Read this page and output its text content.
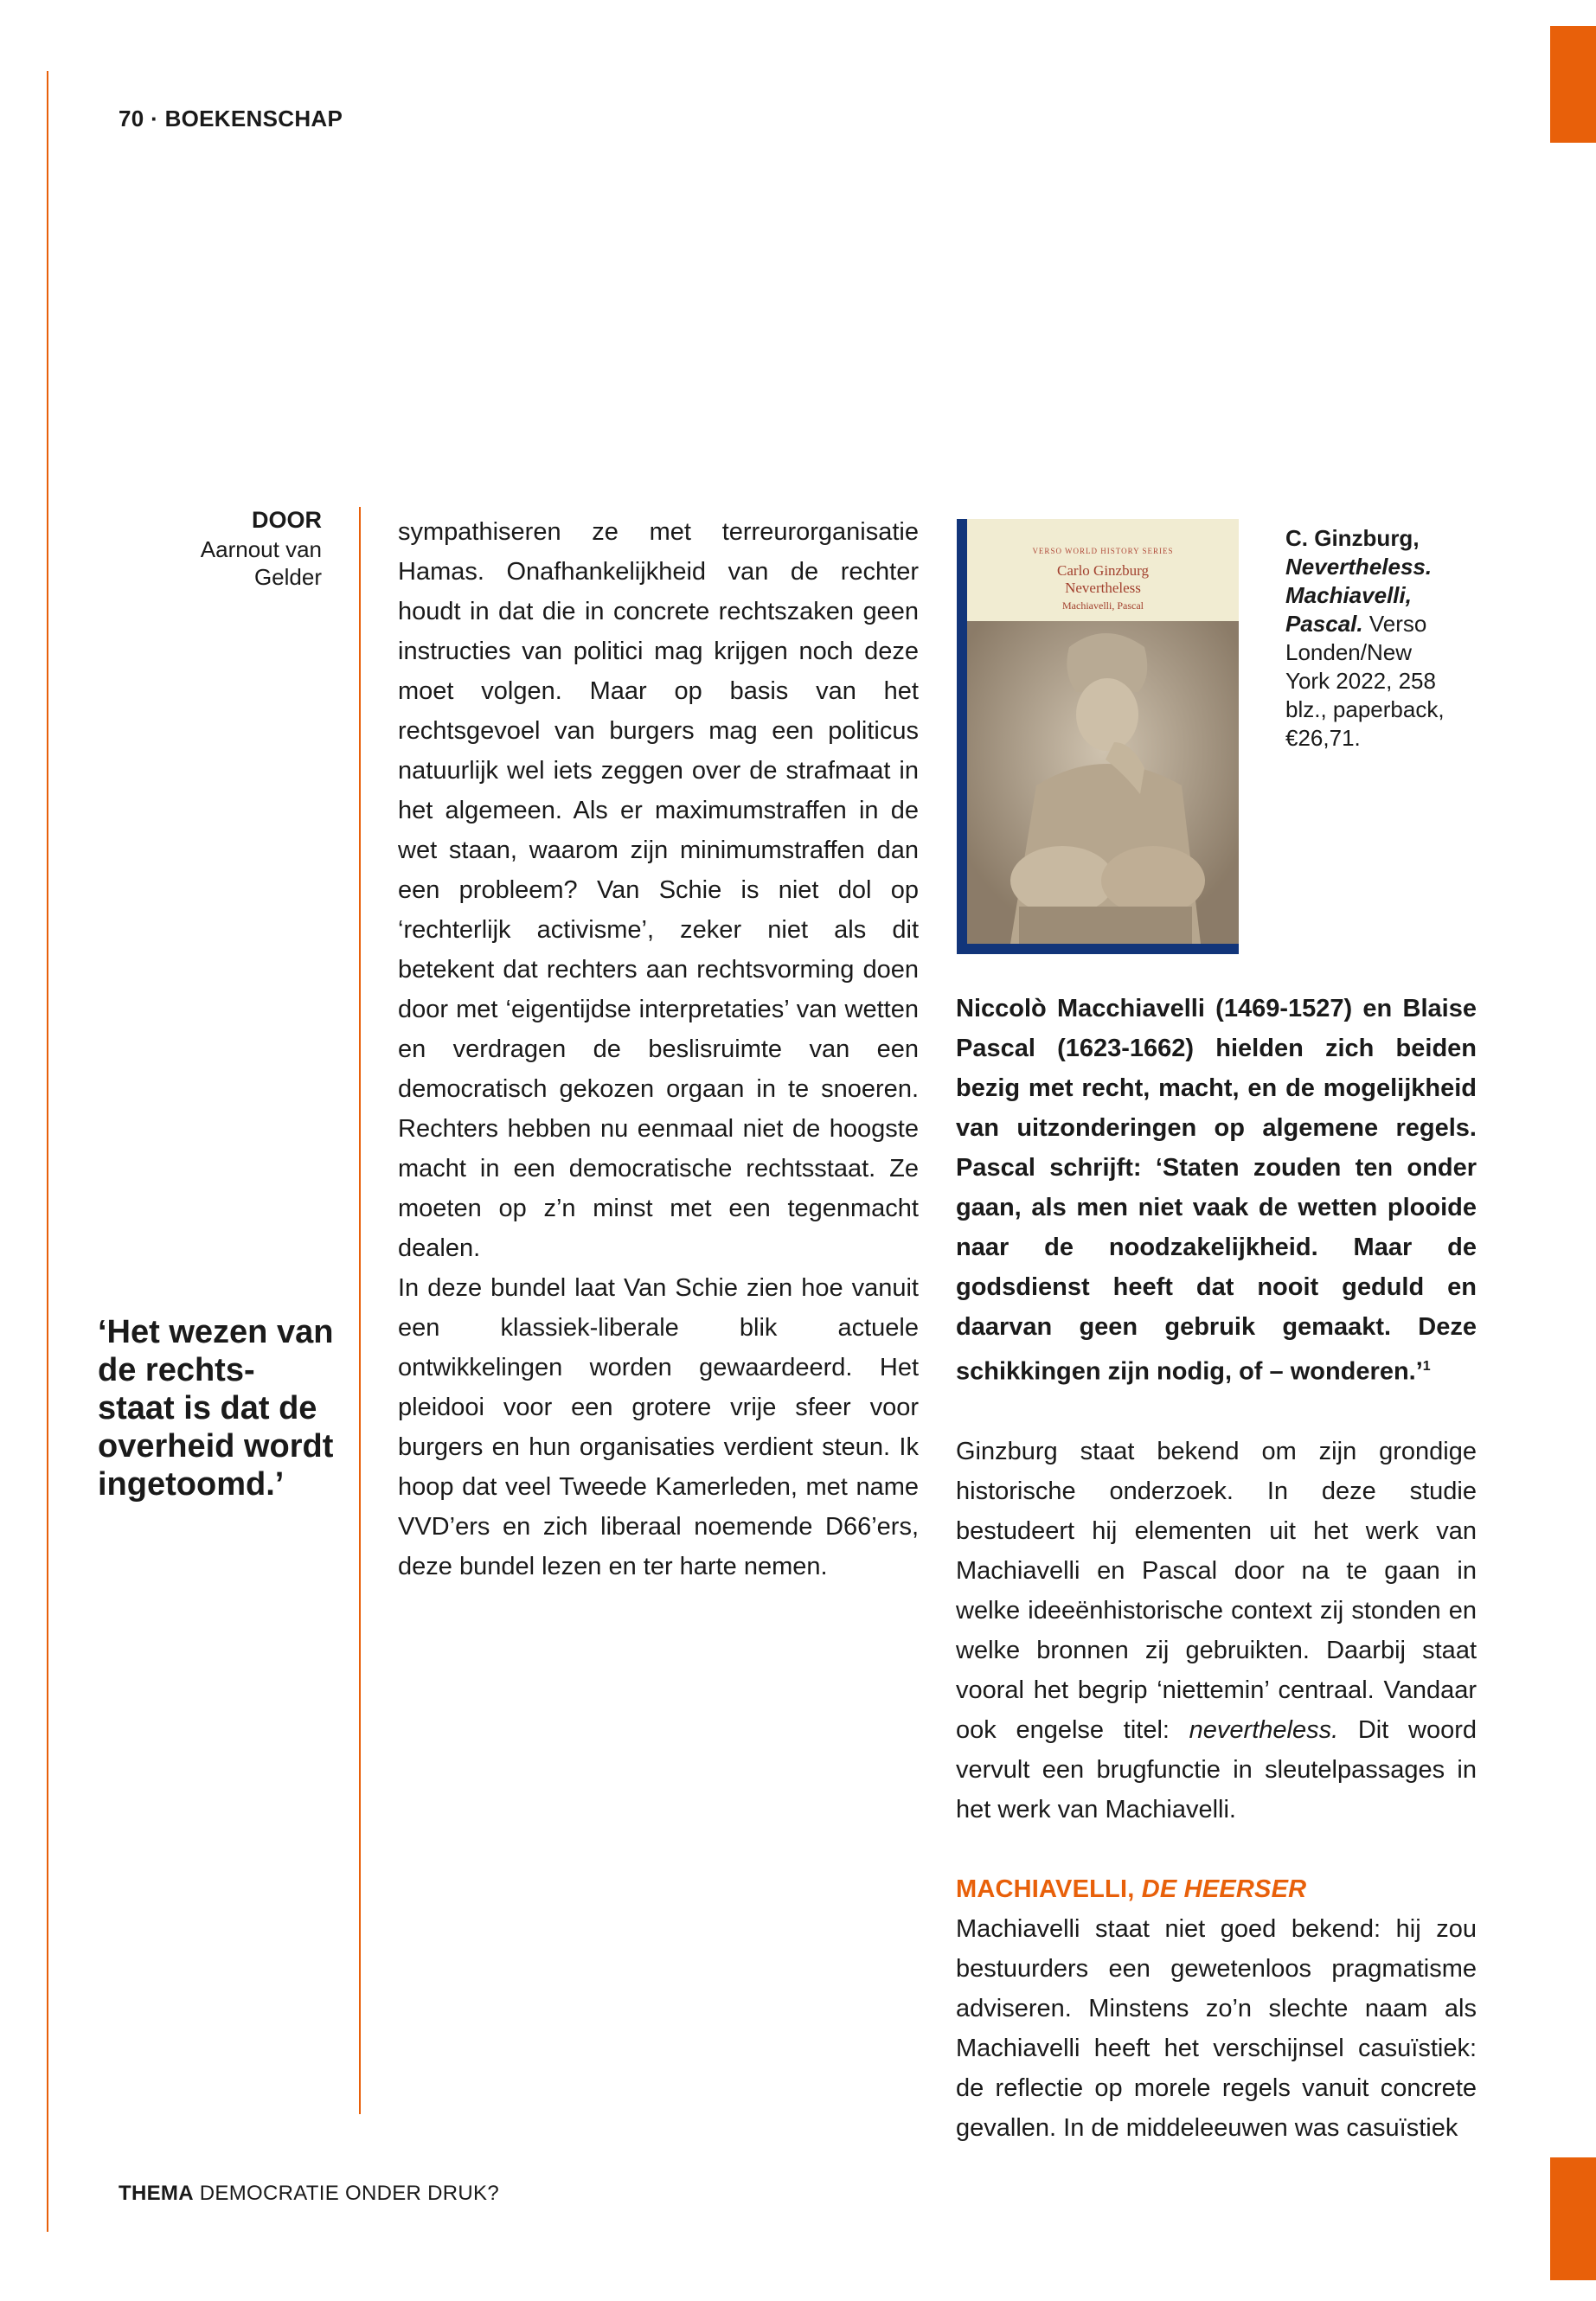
70 · BOEKENSCHAP
DOOR
Aarnout van
Gelder
‘Het wezen van
de rechts-
staat is dat de
overheid wordt
ingetoomd.’

sympathiseren ze met terreurorganisatie Hamas. Onafhankelijkheid van de rechter houdt in dat die in concrete rechtszaken geen instructies van politici mag krijgen noch deze moet volgen. Maar op basis van het rechtsgevoel van burgers mag een politicus natuurlijk wel iets zeggen over de strafmaat in het algemeen. Als er maximumstraffen in de wet staan, waarom zijn minimumstraffen dan een probleem? Van Schie is niet dol op ‘rechterlijk activisme’, zeker niet als dit betekent dat rechters aan rechtsvorming doen door met ‘eigentijdse interpretaties’ van wetten en verdragen de beslisruimte van een democratisch gekozen orgaan in te snoeren. Rechters hebben nu eenmaal niet de hoogste macht in een democratische rechtsstaat. Ze moeten op z’n minst met een tegenmacht dealen.

In deze bundel laat Van Schie zien hoe vanuit een klassiek-liberale blik actuele ontwikkelingen worden gewaardeerd. Het pleidooi voor een grotere vrije sfeer voor burgers en hun organisaties verdient steun. Ik hoop dat veel Tweede Kamerleden, met name VVD’ers en zich liberaal noemende D66’ers, deze bundel lezen en ter harte nemen.

VERSO WORLD HISTORY SERIES
Carlo Ginzburg
Nevertheless
Machiavelli, Pascal
C. Ginzburg,
Nevertheless. Machiavelli, Pascal. Verso Londen/New York 2022, 258 blz., paperback, €26,71.
Niccolò Macchiavelli (1469-1527) en Blaise Pascal (1623-1662) hielden zich beiden bezig met recht, macht, en de mogelijkheid van uitzonderingen op algemene regels. Pascal schrijft: ‘Staten zouden ten onder gaan, als men niet vaak de wetten plooide naar de noodzakelijkheid. Maar de godsdienst heeft dat nooit geduld en daarvan geen gebruik gemaakt. Deze schikkingen zijn nodig, of – wonderen.’$^1$
Ginzburg staat bekend om zijn grondige historische onderzoek. In deze studie bestudeert hij elementen uit het werk van Machiavelli en Pascal door na te gaan in welke ideeënhistorische context zij stonden en welke bronnen zij gebruikten. Daarbij staat vooral het begrip ‘niettemin’ centraal. Vandaar ook engelse titel: nevertheless. Dit woord vervult een brugfunctie in sleutelpassages in het werk van Machiavelli.
MACHIAVELLI, DE HEERSER
Machiavelli staat niet goed bekend: hij zou bestuurders een gewetenloos pragmatisme adviseren. Minstens zo’n slechte naam als Machiavelli heeft het verschijnsel casuïstiek: de reflectie op morele regels vanuit concrete gevallen. In de middeleeuwen was casuïstiek
THEMA DEMOCRATIE ONDER DRUK?
